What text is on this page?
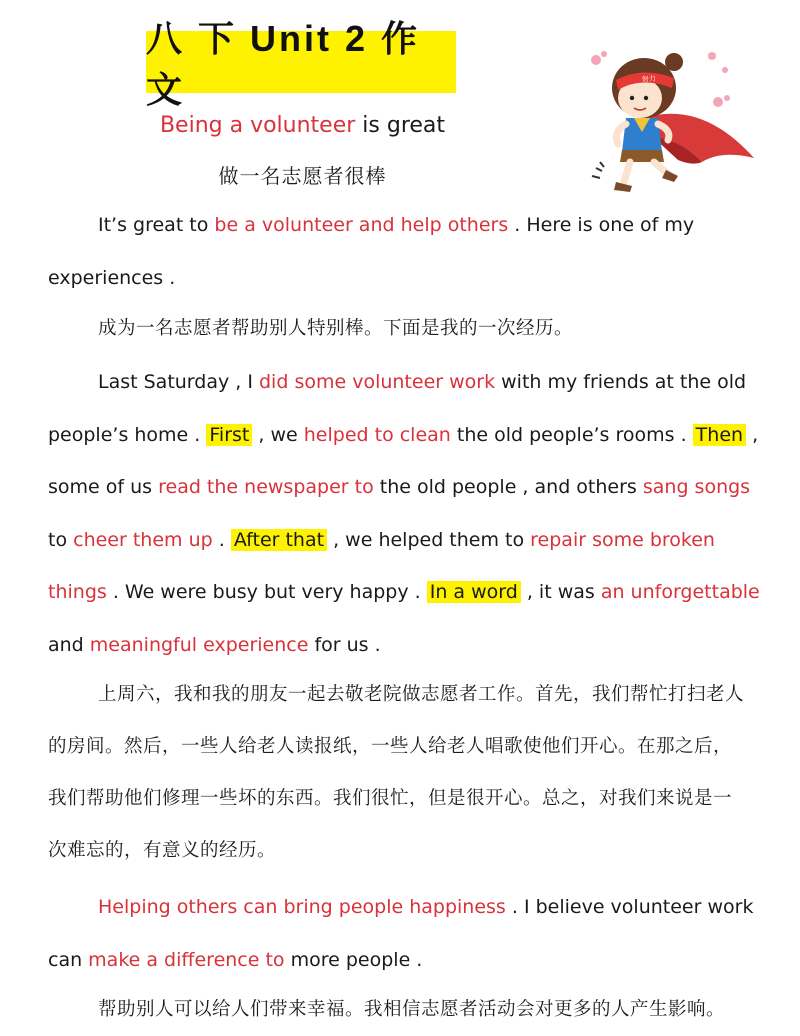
八 下 Unit 2 作 文
Being a volunteer is great
做一名志愿者很棒
努力

It’s great to be a volunteer and help others . Here is one of my experiences .

成为一名志愿者帮助别人特别棒。下面是我的一次经历。

Last Saturday , I did some volunteer work with my friends at the old people’s home . First , we helped to clean the old people’s rooms . Then , some of us read the newspaper to the old people , and others sang songs to cheer them up . After that , we helped them to repair some broken things . We were busy but very happy . In a word , it was an unforgettable and meaningful experience for us .

上周六，我和我的朋友一起去敬老院做志愿者工作。首先，我们帮忙打扫老人的房间。然后，一些人给老人读报纸，一些人给老人唱歌使他们开心。在那之后，我们帮助他们修理一些坏的东西。我们很忙，但是很开心。总之，对我们来说是一次难忘的，有意义的经历。

Helping others can bring people happiness . I believe volunteer work can make a difference to more people .

帮助别人可以给人们带来幸福。我相信志愿者活动会对更多的人产生影响。
